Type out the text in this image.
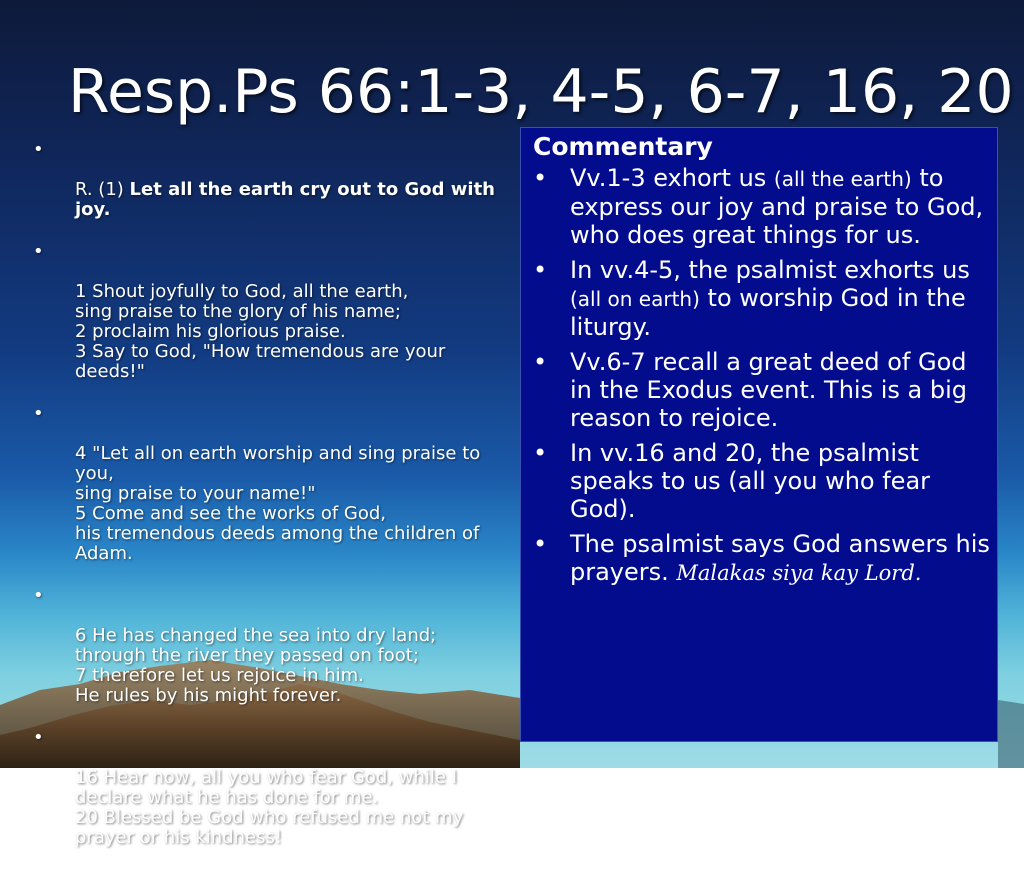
Resp.Ps 66:1-3, 4-5, 6-7, 16, 20

•

R. (1) Let all the earth cry out to God with joy.

•

1 Shout joyfully to God, all the earth,
sing praise to the glory of his name;
2 proclaim his glorious praise.
3 Say to God, "How tremendous are your deeds!"

•

4 "Let all on earth worship and sing praise to you,
sing praise to your name!"
5 Come and see the works of God,
his tremendous deeds among the children of Adam.

•

6 He has changed the sea into dry land;
through the river they passed on foot;
7 therefore let us rejoice in him.
He rules by his might forever.

•

16 Hear now, all you who fear God, while I declare what he has done for me.
20 Blessed be God who refused me not my prayer or his kindness!

Commentary
• Vv.1-3 exhort us (all the earth) to express our joy and praise to God, who does great things for us.
• In vv.4-5, the psalmist exhorts us (all on earth) to worship God in the liturgy.
• Vv.6-7 recall a great deed of God in the Exodus event. This is a big reason to rejoice.
• In vv.16 and 20, the psalmist speaks to us (all you who fear God).
• The psalmist says God answers his prayers. Malakas siya kay Lord.
